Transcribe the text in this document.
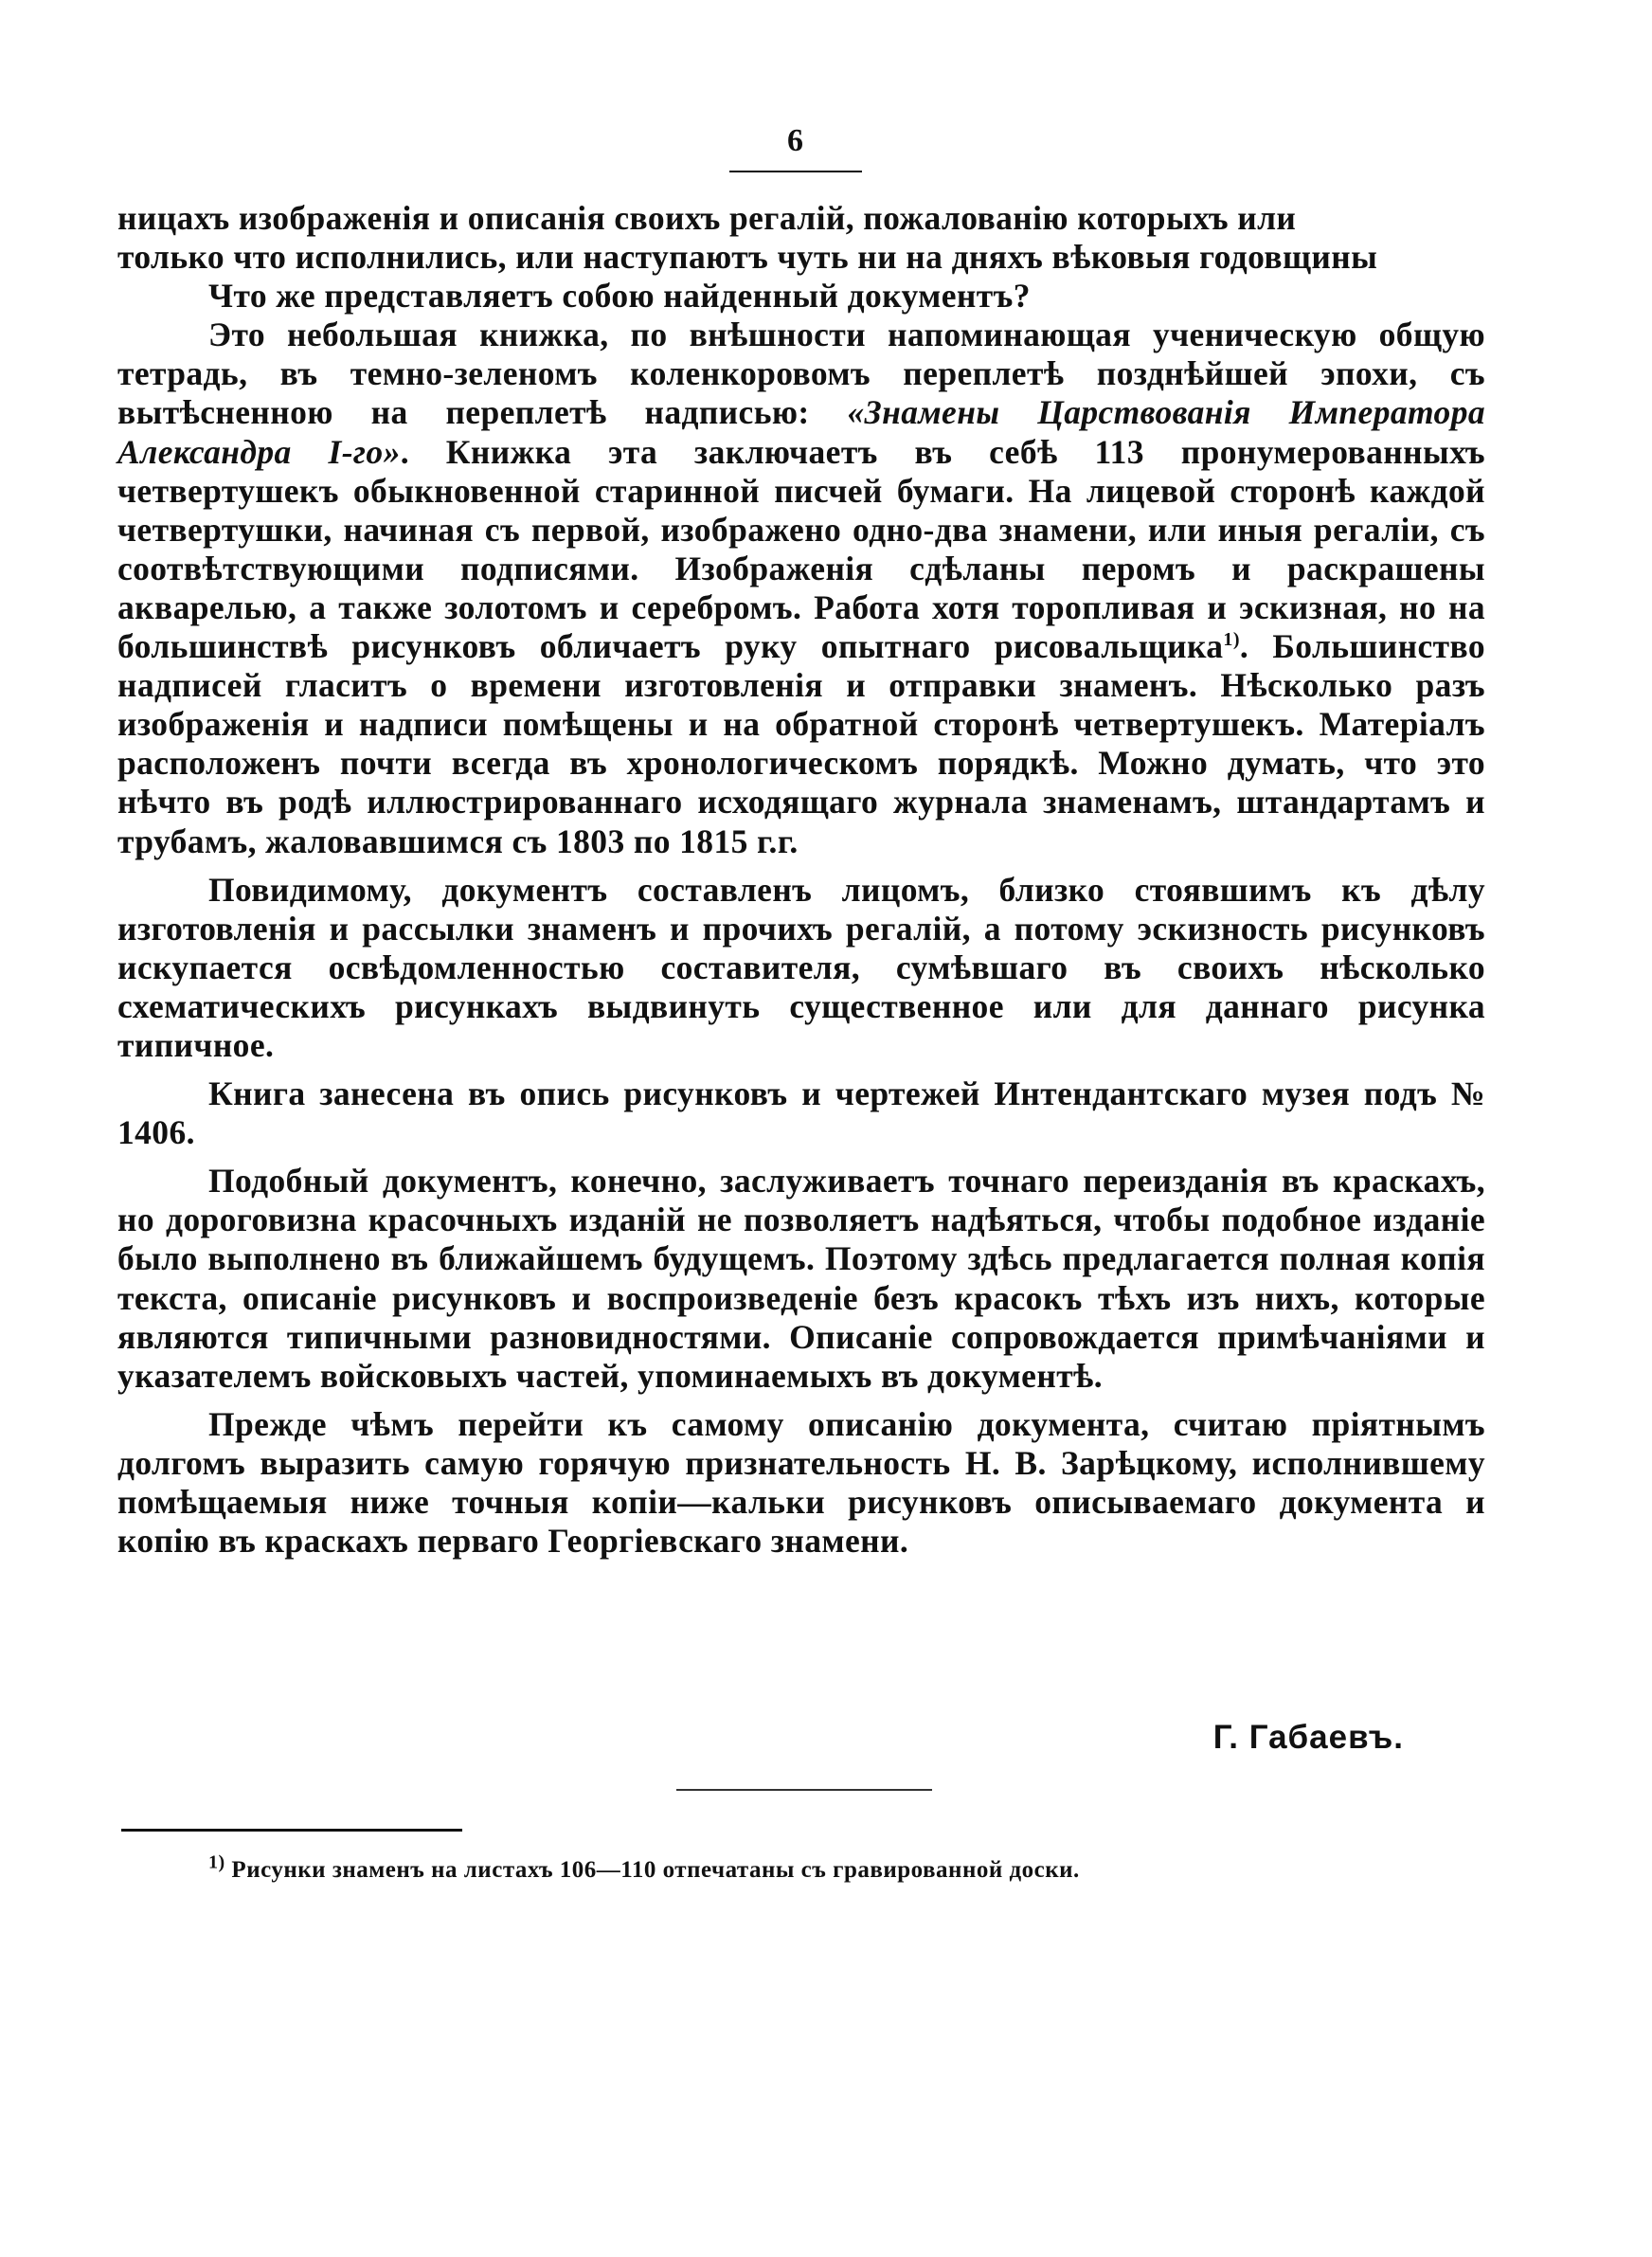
6

ницахъ изображенія и описанія своихъ регалій, пожалованію которыхъ или
только что исполнились, или наступаютъ чуть ни на дняхъ вѣковыя годовщины

Что же представляетъ собою найденный документъ?

Это небольшая книжка, по внѣшности напоминающая ученическую общую тетрадь, въ темно-зеленомъ коленкоровомъ переплетѣ позднѣйшей эпохи, съ вытѣсненною на переплетѣ надписью: «Знамены Царствованія Императора Александра І-го». Книжка эта заключаетъ въ себѣ 113 пронумерованныхъ четвертушекъ обыкновенной старинной писчей бумаги. На лицевой сторонѣ каждой четвертушки, начиная съ первой, изображено одно-два знамени, или иныя регаліи, съ соотвѣтствующими подписями. Изображенія сдѣланы перомъ и раскрашены акварелью, а также золотомъ и серебромъ. Работа хотя торопливая и эскизная, но на большинствѣ рисунковъ обличаетъ руку опытнаго рисовальщика$^{1)}$. Большинство надписей гласитъ о времени изготовленія и отправки знаменъ. Нѣсколько разъ изображенія и надписи помѣщены и на обратной сторонѣ четвертушекъ. Матеріалъ расположенъ почти всегда въ хронологическомъ порядкѣ. Можно думать, что это нѣчто въ родѣ иллюстрированнаго исходящаго журнала знаменамъ, штандартамъ и трубамъ, жаловавшимся съ 1803 по 1815 г.г.

Повидимому, документъ составленъ лицомъ, близко стоявшимъ къ дѣлу изготовленія и рассылки знаменъ и прочихъ регалій, а потому эскизность рисунковъ искупается освѣдомленностью составителя, сумѣвшаго въ своихъ нѣсколько схематическихъ рисункахъ выдвинуть существенное или для даннаго рисунка типичное.

Книга занесена въ опись рисунковъ и чертежей Интендантскаго музея подъ № 1406.

Подобный документъ, конечно, заслуживаетъ точнаго переизданія въ краскахъ, но дороговизна красочныхъ изданій не позволяетъ надѣяться, чтобы подобное изданіе было выполнено въ ближайшемъ будущемъ. Поэтому здѣсь предлагается полная копія текста, описаніе рисунковъ и воспроизведеніе безъ красокъ тѣхъ изъ нихъ, которые являются типичными разновидностями. Описаніе сопровождается примѣчаніями и указателемъ войсковыхъ частей, упоминаемыхъ въ документѣ.

Прежде чѣмъ перейти къ самому описанію документа, считаю пріятнымъ долгомъ выразить самую горячую признательность Н. В. Зарѣцкому, исполнившему помѣщаемыя ниже точныя копіи—кальки рисунковъ описываемаго документа и копію въ краскахъ перваго Георгіевскаго знамени.

Г. Габаевъ.
$^{1)}$ Рисунки знаменъ на листахъ 106—110 отпечатаны съ гравированной доски.
